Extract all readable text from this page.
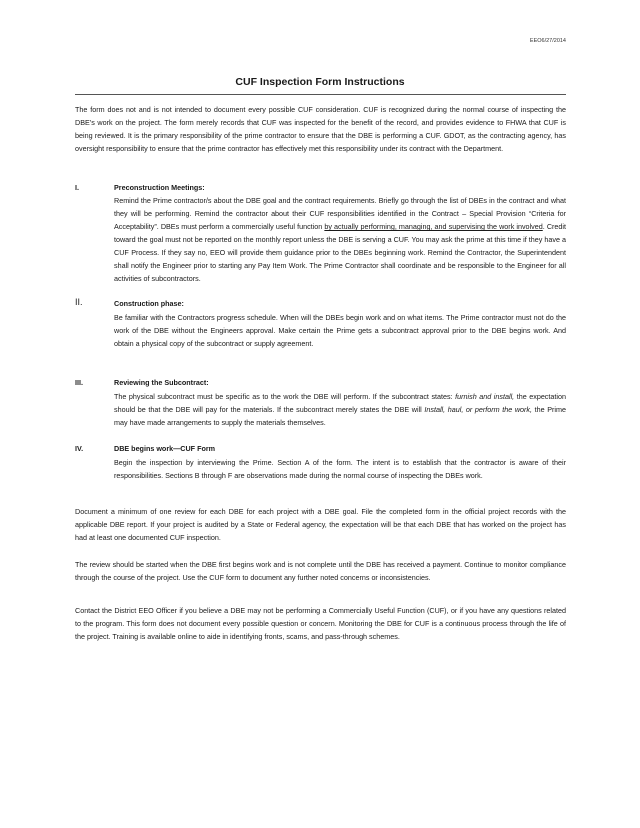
EEO6/27/2014
CUF Inspection Form Instructions

The form does not and is not intended to document every possible CUF consideration. CUF is recognized during the normal course of inspecting the DBE’s work on the project. The form merely records that CUF was inspected for the benefit of the record, and provides evidence to FHWA that CUF is being reviewed. It is the primary responsibility of the prime contractor to ensure that the DBE is performing a CUF. GDOT, as the contracting agency, has oversight responsibility to ensure that the prime contractor has effectively met this responsibility under its contract with the Department.

I.	Preconstruction Meetings:

Remind the Prime contractor/s about the DBE goal and the contract requirements. Briefly go through the list of DBEs in the contract and what they will be performing. Remind the contractor about their CUF responsibilities identified in the Contract – Special Provision “Criteria for Acceptability”. DBEs must perform a commercially useful function by actually performing, managing, and supervising the work involved. Credit toward the goal must not be reported on the monthly report unless the DBE is serving a CUF. You may ask the prime at this time if they have a CUF Process. If they say no, EEO will provide them guidance prior to the DBEs beginning work. Remind the Contractor, the Superintendent shall notify the Engineer prior to starting any Pay Item Work. The Prime Contractor shall coordinate and be responsible to the Engineer for all activities of subcontractors.

II.	Construction phase:

Be familiar with the Contractors progress schedule. When will the DBEs begin work and on what items. The Prime contractor must not do the work of the DBE without the Engineers approval. Make certain the Prime gets a subcontract approval prior to the DBE begins work. And obtain a physical copy of the subcontract or supply agreement.

III.	Reviewing the Subcontract:

The physical subcontract must be specific as to the work the DBE will perform. If the subcontract states: furnish and install, the expectation should be that the DBE will pay for the materials. If the subcontract merely states the DBE will Install, haul, or perform the work, the Prime may have made arrangements to supply the materials themselves.

IV.	DBE begins work—CUF Form

Begin the inspection by interviewing the Prime. Section A of the form. The intent is to establish that the contractor is aware of their responsibilities. Sections B through F are observations made during the normal course of inspecting the DBEs work.

Document a minimum of one review for each DBE for each project with a DBE goal. File the completed form in the official project records with the applicable DBE report. If your project is audited by a State or Federal agency, the expectation will be that each DBE that has worked on the project has had at least one documented CUF inspection.

The review should be started when the DBE first begins work and is not complete until the DBE has received a payment. Continue to monitor compliance through the course of the project. Use the CUF form to document any further noted concerns or inconsistencies.

Contact the District EEO Officer if you believe a DBE may not be performing a Commercially Useful Function (CUF), or if you have any questions related to the program. This form does not document every possible question or concern. Monitoring the DBE for CUF is a continuous process through the life of the project. Training is available online to aide in identifying fronts, scams, and pass-through schemes.
